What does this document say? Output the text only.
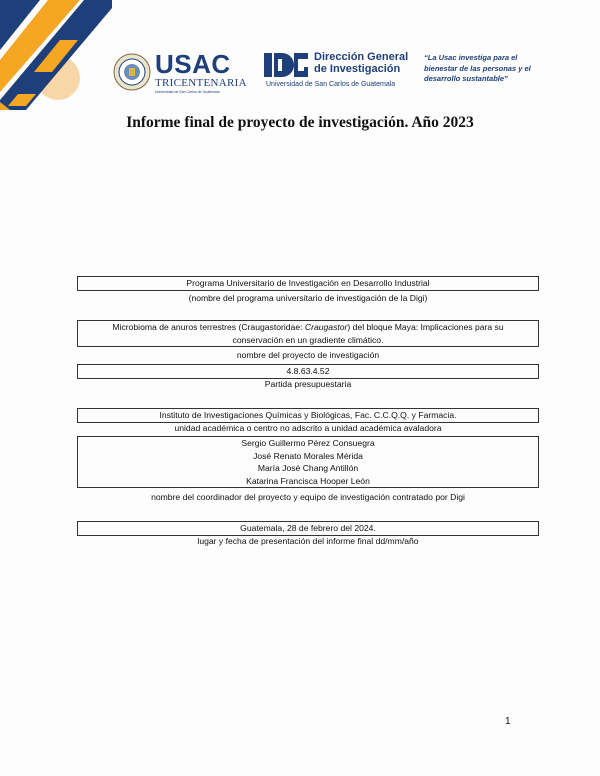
USAC
TRICENTENARIA
Universidad de San Carlos de Guatemala
Dirección General de Investigación
Universidad de San Carlos de Guatemala
“La Usac investiga para el bienestar de las personas y el desarrollo sustantable”
Informe final de proyecto de investigación. Año 2023
Programa Universitario de Investigación en Desarrollo Industrial
(nombre del programa universitario de investigación de la Digi)
Microbioma de anuros terrestres (Craugastoridae: Craugastor) del bloque Maya: Implicaciones para su
conservación en un gradiente climático.
nombre del proyecto de investigación
4.8.63.4.52
Partida presupuestaria
Instituto de Investigaciones Químicas y Biológicas, Fac. C.C.Q.Q. y Farmacia.
unidad académica o centro no adscrito a unidad académica avaladora
Sergio Guillermo Pérez Consuegra
José Renato Morales Mérida
María José Chang Antillón
Katarina Francisca Hooper León
nombre del coordinador del proyecto y equipo de investigación contratado por Digi
Guatemala, 28 de febrero del 2024.
lugar y fecha de presentación del informe final dd/mm/año
1
